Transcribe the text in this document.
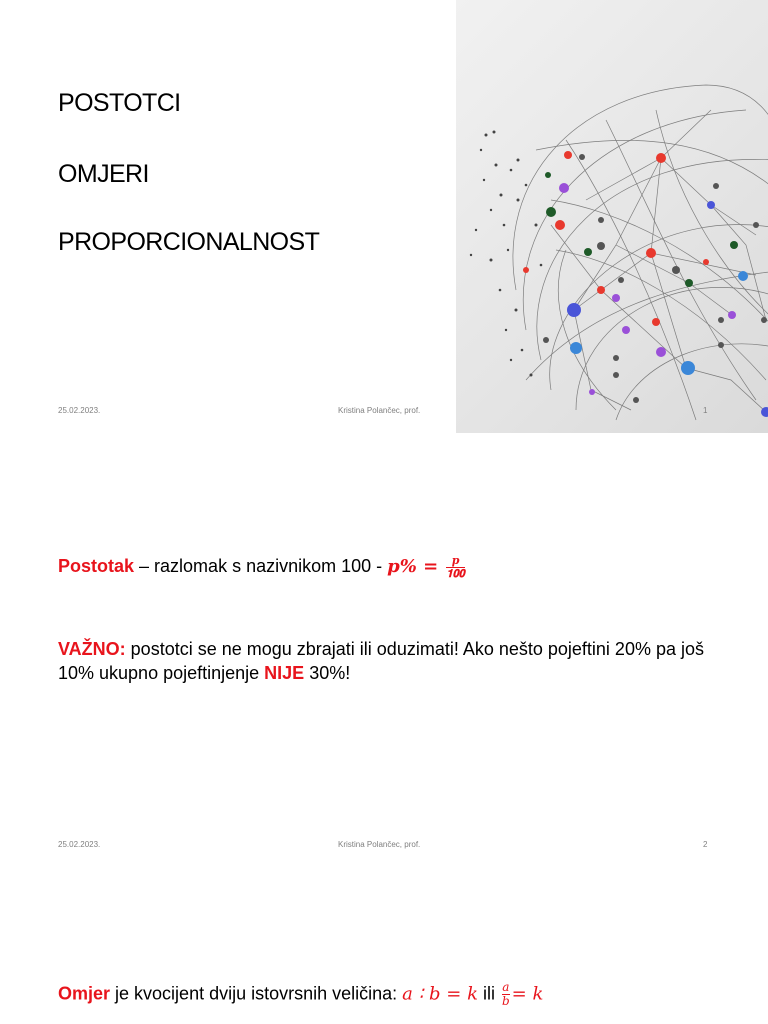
POSTOTCI
OMJERI
PROPORCIONALNOST
25.02.2023.	Kristina Polančec, prof.	1
Postotak – razlomak s nazivnikom 100 - 𝒑% = $\frac{\text{𝒑}}{𝟏𝟎𝟎}$
VAŽNO: postotci se ne mogu zbrajati ili oduzimati! Ako nešto pojeftini 20% pa još 10% ukupno pojeftinjenje NIJE 30%!
25.02.2023.	Kristina Polančec, prof.	2
Omjer je kvocijent dviju istovrsnih veličina: 𝑎 ∶ 𝑏 = 𝑘 ili $\frac{\text{𝑎}}{\text{𝑏}}$ = 𝑘
